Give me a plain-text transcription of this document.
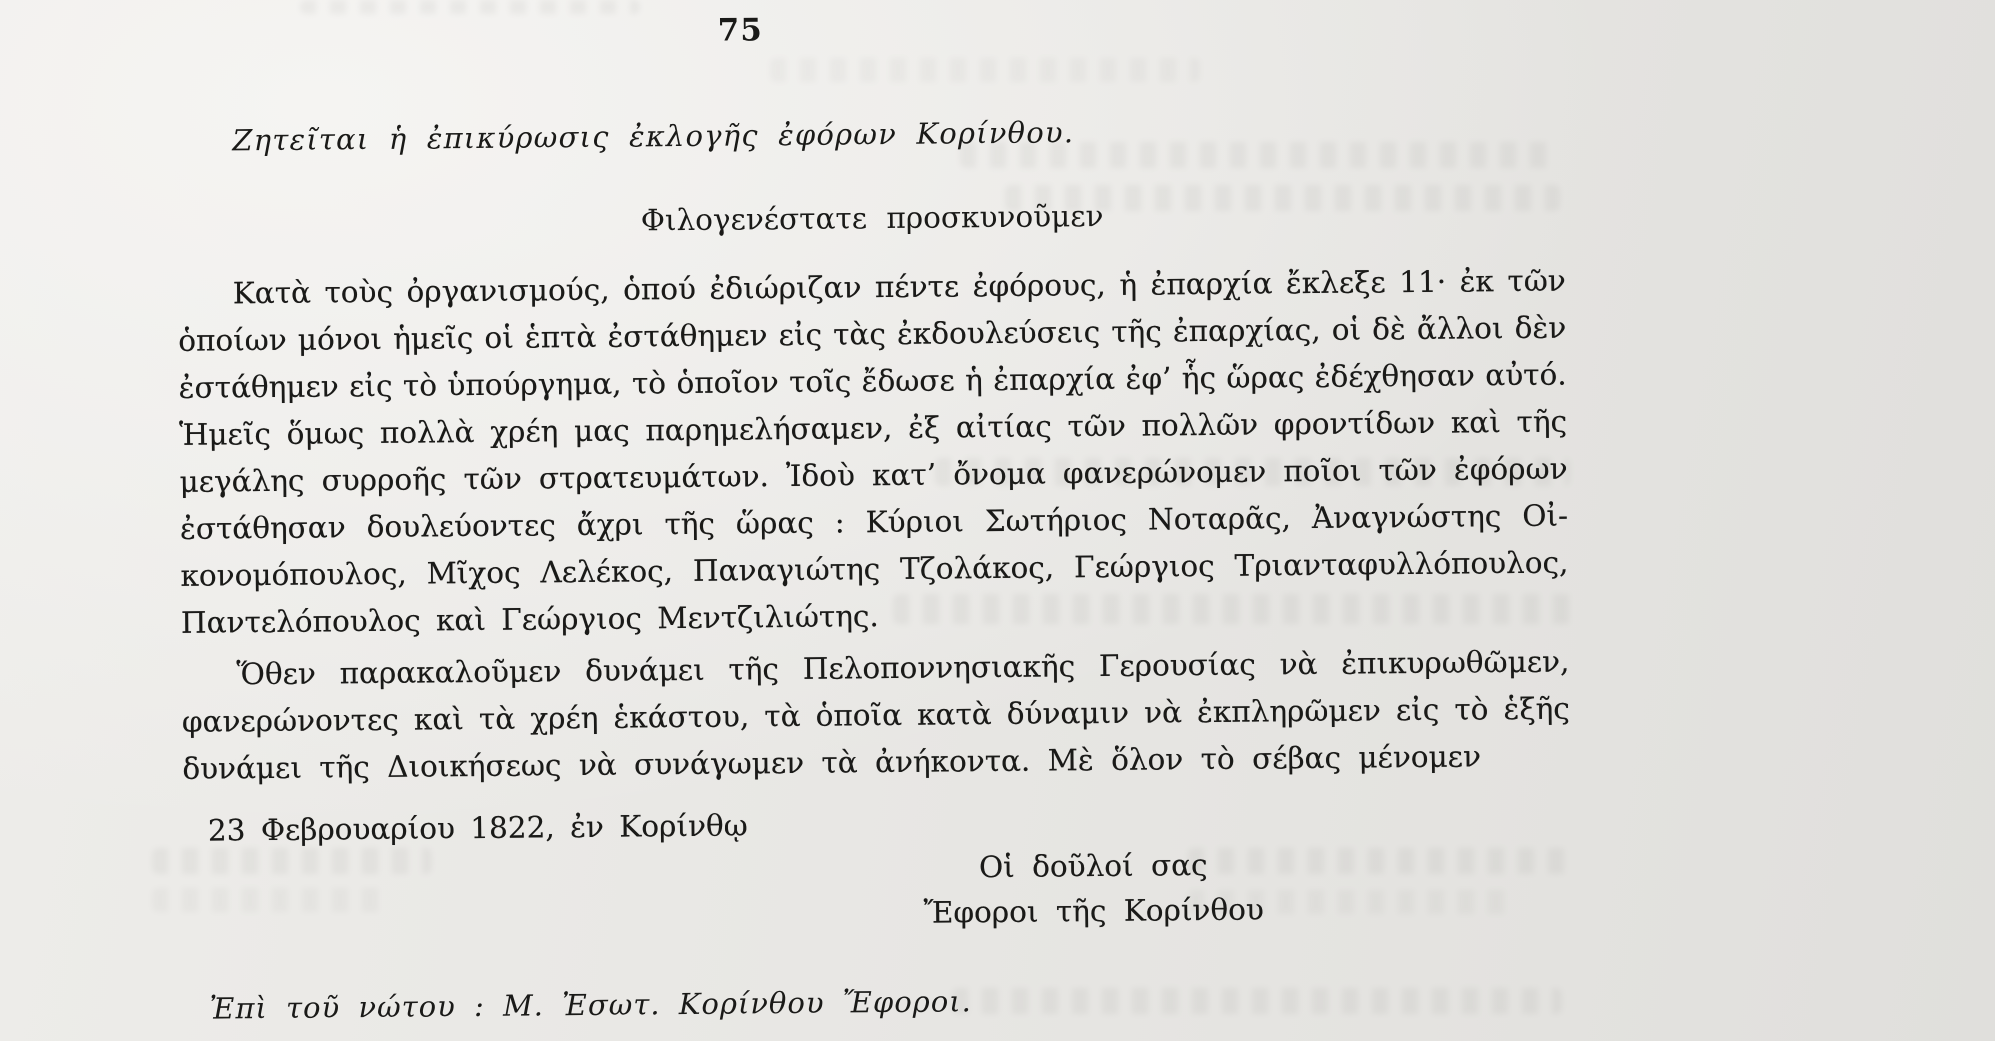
75
Ζητεῖται ἡ ἐπικύρωσις ἐκλογῆς ἐφόρων Κορίνθου.
Φιλογενέστατε προσκυνοῦμεν
Κατὰ τοὺς ὀργανισμούς, ὁπού ἐδιώριζαν πέντε ἐφόρους, ἡ ἐπαρχία ἔκλεξε 11· ἐκ τῶν
ὁποίων μόνοι ἡμεῖς οἱ ἑπτὰ ἐστάθημεν εἰς τὰς ἐκδουλεύσεις τῆς ἐπαρχίας, οἱ δὲ ἄλλοι δὲν
ἐστάθημεν εἰς τὸ ὑπούργημα, τὸ ὁποῖον τοῖς ἔδωσε ἡ ἐπαρχία ἐφ’ ἧς ὥρας ἐδέχθησαν αὐτό.
Ἡμεῖς ὅμως πολλὰ χρέη μας παρημελήσαμεν, ἐξ αἰτίας τῶν πολλῶν φροντίδων καὶ τῆς
μεγάλης συρροῆς τῶν στρατευμάτων. Ἰδοὺ κατ’ ὄνομα φανερώνομεν ποῖοι τῶν ἐφόρων
ἐστάθησαν δουλεύοντες ἄχρι τῆς ὥρας : Κύριοι Σωτήριος Νοταρᾶς, Ἀναγνώστης Οἰ-
κονομόπουλος, Μῖχος Λελέκος, Παναγιώτης Τζολάκος, Γεώργιος Τριανταφυλλόπουλος,
Παντελόπουλος καὶ Γεώργιος Μεντζιλιώτης.
Ὅθεν παρακαλοῦμεν δυνάμει τῆς Πελοποννησιακῆς Γερουσίας νὰ ἐπικυρωθῶμεν,
φανερώνοντες καὶ τὰ χρέη ἑκάστου, τὰ ὁποῖα κατὰ δύναμιν νὰ ἐκπληρῶμεν εἰς τὸ ἑξῆς
δυνάμει τῆς Διοικήσεως νὰ συνάγωμεν τὰ ἀνήκοντα. Μὲ ὅλον τὸ σέβας μένομεν
23 Φεβρουαρίου 1822, ἐν Κορίνθῳ
Οἱ δοῦλοί σας
Ἔφοροι τῆς Κορίνθου
Ἐπὶ τοῦ νώτου : Μ. Ἐσωτ. Κορίνθου Ἔφοροι.
